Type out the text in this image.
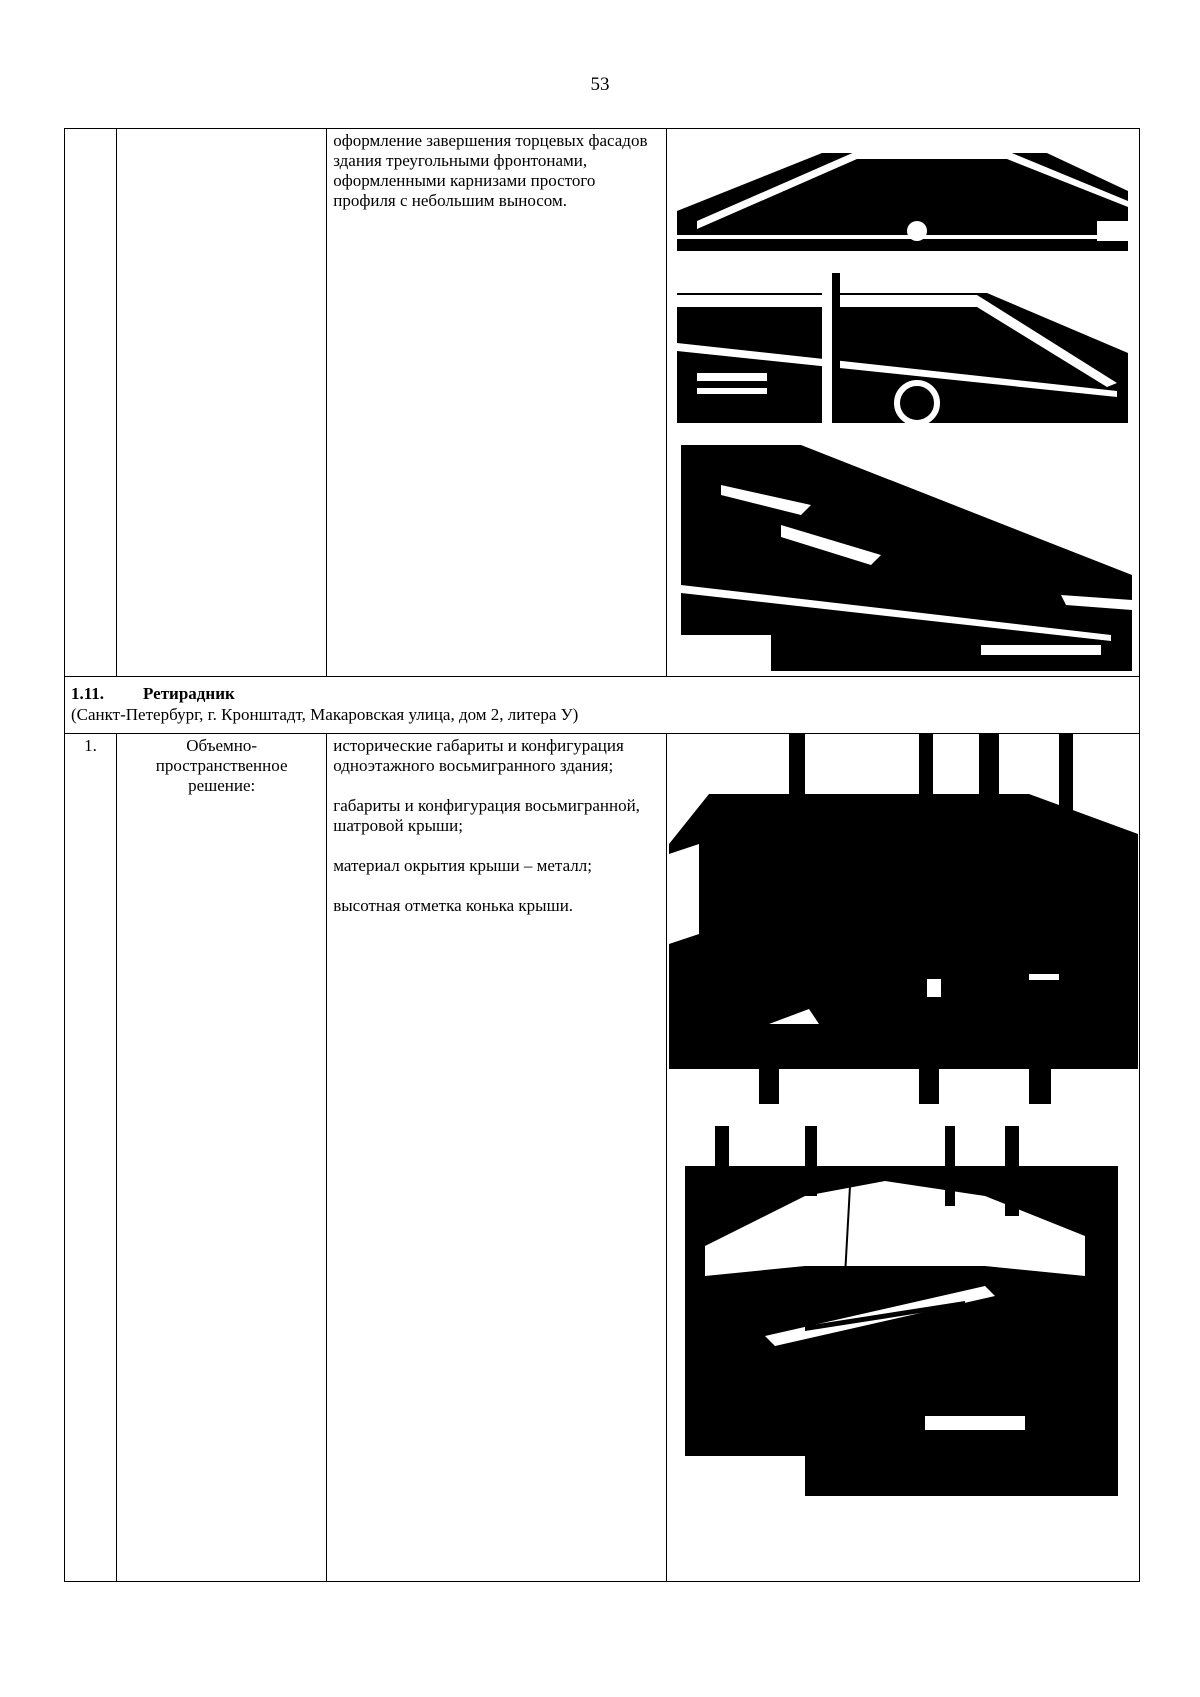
53

		оформление завершения торцевых фасадов здания треугольными фронтонами, оформленными карнизами простого профиля с небольшим выносом.

1.11. Ретирадник
(Санкт-Петербург, г. Кронштадт, Макаровская улица, дом 2, литера У)			

1.	Объемно-пространственное решение:	исторические габариты и конфигурация одноэтажного восьмигранного здания;

габариты и конфигурация восьмигранной, шатровой крыши;

материал окрытия крыши – металл;

высотная отметка конька крыши.
